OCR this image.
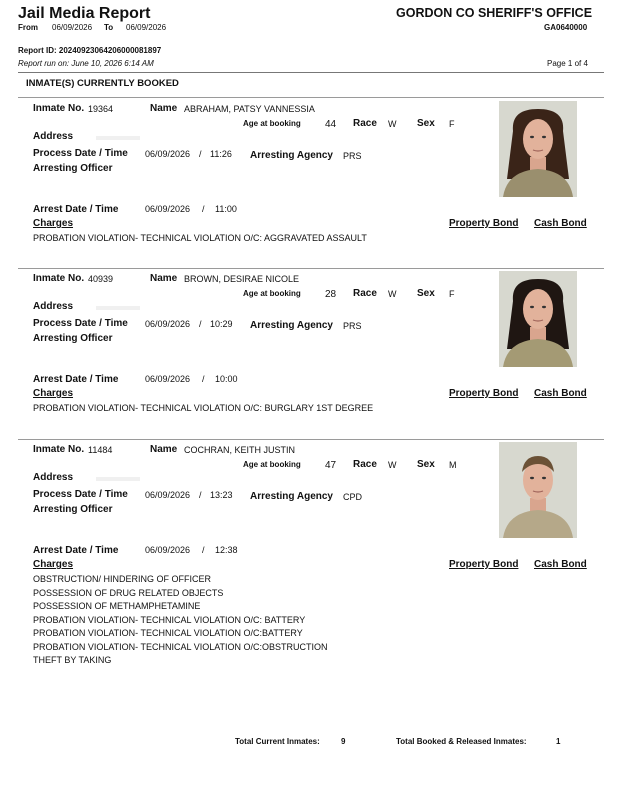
Jail Media Report	GORDON CO SHERIFF'S OFFICE
From 06/09/2026 To 06/09/2026	GA0640000
Report ID: 20240923064206000081897
Report run on: June 10, 2026 6:14 AM	Page 1 of 4
INMATE(S) CURRENTLY BOOKED
Inmate No. 19364	Name ABRAHAM, PATSY VANNESSIA
Age at booking 44 Race W Sex F
Address
Process Date / Time 06/09/2026 / 11:26 Arresting Agency PRS
Arresting Officer
Arrest Date / Time	06/09/2026 / 11:00
Charges	Property Bond Cash Bond
PROBATION VIOLATION- TECHNICAL VIOLATION O/C: AGGRAVATED ASSAULT
Inmate No. 40939	Name BROWN, DESIRAE NICOLE
Age at booking 28 Race W Sex F
Address
Process Date / Time 06/09/2026 / 10:29 Arresting Agency PRS
Arresting Officer
Arrest Date / Time	06/09/2026 / 10:00
Charges	Property Bond Cash Bond
PROBATION VIOLATION- TECHNICAL VIOLATION O/C: BURGLARY 1ST DEGREE
Inmate No. 11484	Name COCHRAN, KEITH JUSTIN
Age at booking 47 Race W Sex M
Address
Process Date / Time 06/09/2026 / 13:23 Arresting Agency CPD
Arresting Officer
Arrest Date / Time	06/09/2026 / 12:38
Charges	Property Bond Cash Bond
OBSTRUCTION/ HINDERING OF OFFICER
POSSESSION OF DRUG RELATED OBJECTS
POSSESSION OF METHAMPHETAMINE
PROBATION VIOLATION- TECHNICAL VIOLATION O/C: BATTERY
PROBATION VIOLATION- TECHNICAL VIOLATION O/C:BATTERY
PROBATION VIOLATION- TECHNICAL VIOLATION O/C:OBSTRUCTION
THEFT BY TAKING
Total Current Inmates:	9	Total Booked & Released Inmates:	1
